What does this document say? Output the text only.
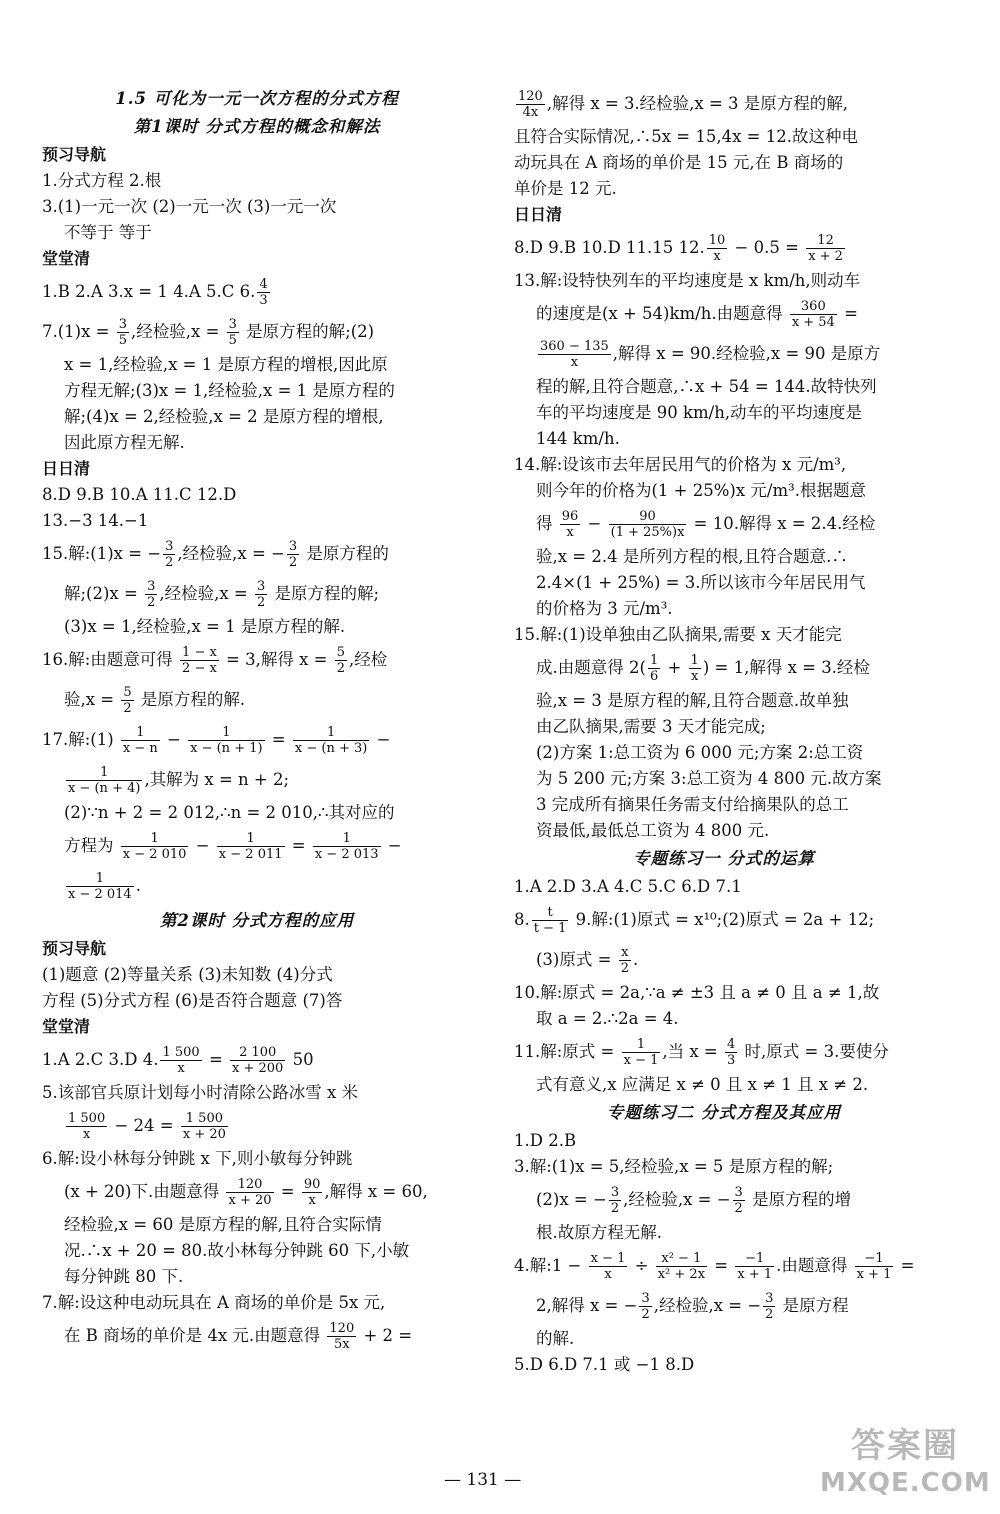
1.5 可化为一元一次方程的分式方程
第1课时 分式方程的概念和解法
预习导航
1.分式方程 2.根
3.(1)一元一次 (2)一元一次 (3)一元一次
不等于 等于
堂堂清
1.B 2.A 3.x = 1 4.A 5.C 6. $\frac{4}{3}$
$7.(1)x = \frac{3}{5}$ ,经检验$,x = \frac{3}{5}$ 是原方程的解;(2)
x = 1,经检验,x = 1 是原方程的增根,因此原
方程无解;(3)x = 1,经检验,x = 1 是原方程的
解;(4)x = 2,经检验,x = 2 是原方程的增根,
因此原方程无解.
日日清
8.D 9.B 10.A 11.C 12.D
13.−3 14.−1
15.解:(1)x = − $\frac{3}{2}$ ,经检验,x = − $\frac{3}{2}$ 是原方程的
解;(2)x = $\frac{3}{2}$ ,经检验$,x = \frac{3}{2}$ 是原方程的解;
(3)x = 1,经检验,x = 1 是原方程的解.
16.解:由题意可得 $\frac{1 - x}{2 - x} = 3$,解得 $x = \frac{5}{2}$ ,经检
验$,x = \frac{5}{2}$ 是原方程的解.
17.解:(1) $\frac{1}{x - n} - \frac{1}{x - (n + 1)} = \frac{1}{x - (n + 3)}$ −
$\frac{1}{x - (n + 4)}$ ,其解为 x = n + 2;
(2)∵n + 2 = 2 012,∴n = 2 010,∴其对应的
方程为 $\frac{1}{x - 2 010} - \frac{1}{x - 2 011} = \frac{1}{x - 2 013}$ −
$\frac{1}{x - 2 014}$ .
第2课时 分式方程的应用
预习导航
(1)题意 (2)等量关系 (3)未知数 (4)分式
方程 (5)分式方程 (6)是否符合题意 (7)答
堂堂清
1.A 2.C 3.D 4. $\frac{1 500}{x} = \frac{2 100}{x + 200} 50$
5.该部官兵原计划每小时清除公路冰雪 x 米
$\frac{1 500}{x} - 24 = \frac{1 500}{x + 20}$
6.解:设小林每分钟跳 x 下,则小敏每分钟跳
(x + 20)下.由题意得 $\frac{120}{x + 20} = \frac{90}{x}$ ,解得 x = 60,
经检验,x = 60 是原方程的解,且符合实际情
况.∴x + 20 = 80.故小林每分钟跳 60 下,小敏
每分钟跳 80 下.
7.解:设这种电动玩具在 A 商场的单价是 5x 元,
在 B 商场的单价是 4x 元.由题意得 $\frac{120}{5x} + 2$ =
$\frac{120}{4x}$ ,解得 x = 3.经检验,x = 3 是原方程的解,
且符合实际情况,∴5x = 15,4x = 12.故这种电
动玩具在 A 商场的单价是 15 元,在 B 商场的
单价是 12 元.
日日清
8.D 9.B 10.D 11.15 12. $\frac{10}{x} - 0.5 = \frac{12}{x + 2}$
13.解:设特快列车的平均速度是 x km/h,则动车
的速度是(x + 54)km/h.由题意得 $\frac{360}{x + 54}$ =
$\frac{360 - 135}{x}$ ,解得 x = 90.经检验,x = 90 是原方
程的解,且符合题意,∴x + 54 = 144.故特快列
车的平均速度是 90 km/h,动车的平均速度是
144 km/h.
14.解:设该市去年居民用气的价格为 x 元/m³,
则今年的价格为(1 + 25%)x 元/m³.根据题意
得 $\frac{96}{x} - \frac{90}{(1 + 25\%)x} = 10$.解得 x = 2.4.经检
验,x = 2.4 是所列方程的根,且符合题意.∴
2.4×(1 + 25%) = 3.所以该市今年居民用气
的价格为 3 元/m³.
15.解:(1)设单独由乙队摘果,需要 x 天才能完
成.由题意得 $2( \frac{1}{6} + \frac{1}{x}$ ) = 1,解得 x = 3.经检
验,x = 3 是原方程的解,且符合题意.故单独
由乙队摘果,需要 3 天才能完成;
(2)方案 1:总工资为 6 000 元;方案 2:总工资
为 5 200 元;方案 3:总工资为 4 800 元.故方案
3 完成所有摘果任务需支付给摘果队的总工
资最低,最低总工资为 4 800 元.
专题练习一 分式的运算
1.A 2.D 3.A 4.C 5.C 6.D 7.1
8. $\frac{t}{t - 1} 9$.解:(1)原式 = x¹⁰;(2)原式 = 2a + 12;
(3)原式 = $\frac{x}{2}$ .
10.解:原式 = 2a,∵a ≠ ±3 且 a ≠ 0 且 a ≠ 1,故
取 a = 2.∴2a = 4.
11.解:原式 = $\frac{1}{x - 1}$ ,当 $x = \frac{4}{3}$ 时,原式 = 3.要使分
式有意义,x 应满足 x ≠ 0 且 x ≠ 1 且 x ≠ 2.
专题练习二 分式方程及其应用
1.D 2.B
3.解:(1)x = 5,经检验,x = 5 是原方程的解;
(2)x = − $\frac{3}{2}$ ,经检验,x = − $\frac{3}{2}$ 是原方程的增
根.故原方程无解.
4.解:1 − $\frac{x - 1}{x} \div \frac{\text{x² − 1}}{\text{x² + 2x}} = \frac{-1}{x + 1}$ .由题意得 $\frac{-1}{x + 1}$ =
2,解得 x = − $\frac{3}{2}$ ,经检验,x = − $\frac{3}{2}$ 是原方程
的解.
5.D 6.D 7.1 或 −1 8.D
— 131 —
答案圈
MXQE.COM
